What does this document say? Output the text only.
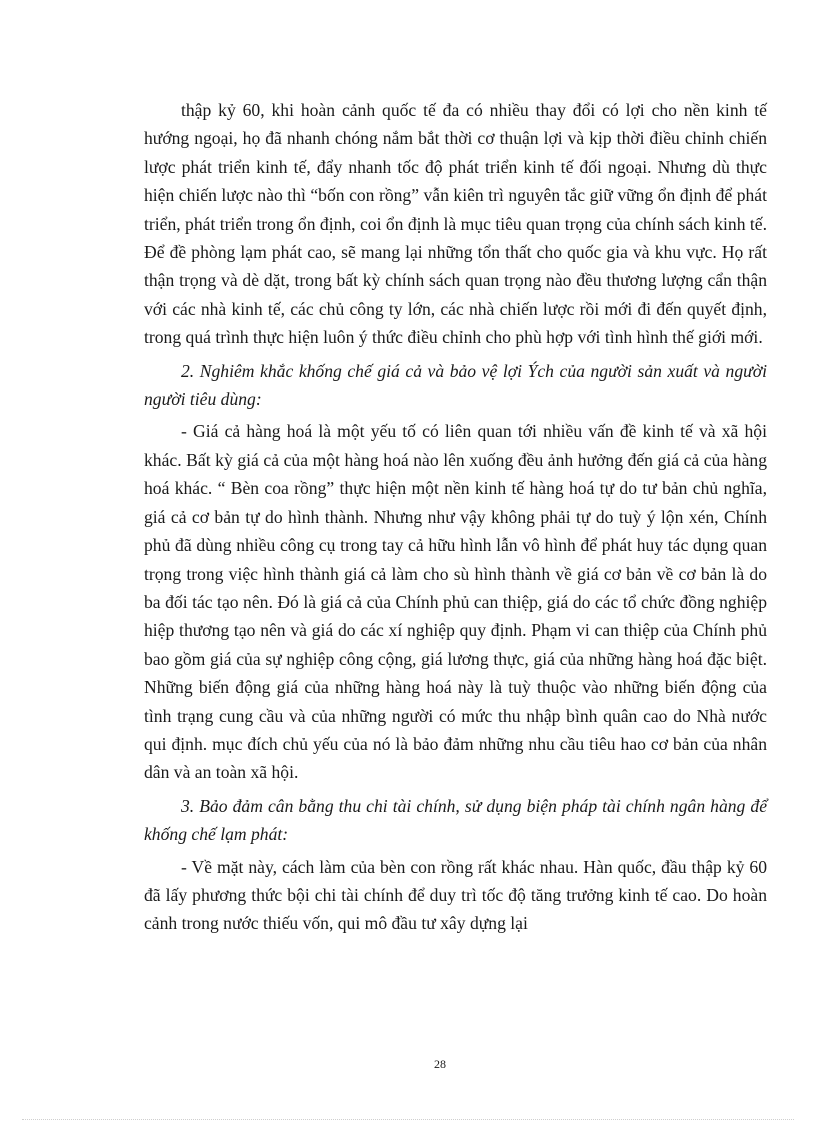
thập kỷ 60, khi hoàn cảnh quốc tế đa có nhiều thay đổi có lợi cho nền kinh tế hướng ngoại, họ đã nhanh chóng nắm bắt thời cơ thuận lợi và kịp thời điều chỉnh chiến lược phát triển kinh tế, đẩy nhanh tốc độ phát triển kinh tế đối ngoại. Nhưng dù thực hiện chiến lược nào thì “bốn con rồng” vẫn kiên trì nguyên tắc giữ vững ổn định để phát triển, phát triển trong ổn định, coi ổn định là mục tiêu quan trọng của chính sách kinh tế. Để đề phòng lạm phát cao, sẽ mang lại những tổn thất cho quốc gia và khu vực. Họ rất thận trọng và dè dặt, trong bất kỳ chính sách quan trọng nào đều thương lượng cẩn thận với các nhà kinh tế, các chủ công ty lớn, các nhà chiến lược rồi mới đi đến quyết định, trong quá trình thực hiện luôn ý thức điều chỉnh cho phù hợp với tình hình thế giới mới.

2. Nghiêm khắc khống chế giá cả và bảo vệ lợi Ých của người sản xuất và người người tiêu dùng:

- Giá cả hàng hoá là một yếu tố có liên quan tới nhiều vấn đề kinh tế và xã hội khác. Bất kỳ giá cả của một hàng hoá nào lên xuống đều ảnh hưởng đến giá cả của hàng hoá khác. “ Bèn coa rồng” thực hiện một nền kinh tế hàng hoá tự do tư bản chủ nghĩa, giá cả cơ bản tự do hình thành. Nhưng như vậy không phải tự do tuỳ ý lộn xén, Chính phủ đã dùng nhiều công cụ trong tay cả hữu hình lẫn vô hình để phát huy tác dụng quan trọng trong việc hình thành giá cả làm cho sù hình thành về giá cơ bản về cơ bản là do ba đối tác tạo nên. Đó là giá cả của Chính phủ can thiệp, giá do các tổ chức đồng nghiệp hiệp thương tạo nên và giá do các xí nghiệp quy định. Phạm vi can thiệp của Chính phủ bao gồm giá của sự nghiệp công cộng, giá lương thực, giá của những hàng hoá đặc biệt. Những biến động giá của những hàng hoá này là tuỳ thuộc vào những biến động của tình trạng cung cầu và của những người có mức thu nhập bình quân cao do Nhà nước qui định. mục đích chủ yếu của nó là bảo đảm những nhu cầu tiêu hao cơ bản của nhân dân và an toàn xã hội.

3. Bảo đảm cân bằng thu chi tài chính, sử dụng biện pháp tài chính ngân hàng để khống chế lạm phát:

- Về mặt này, cách làm của bèn con rồng rất khác nhau. Hàn quốc, đầu thập kỷ 60 đã lấy phương thức bội chi tài chính để duy trì tốc độ tăng trưởng kinh tế cao. Do hoàn cảnh trong nước thiếu vốn, qui mô đầu tư xây dựng lại

28
